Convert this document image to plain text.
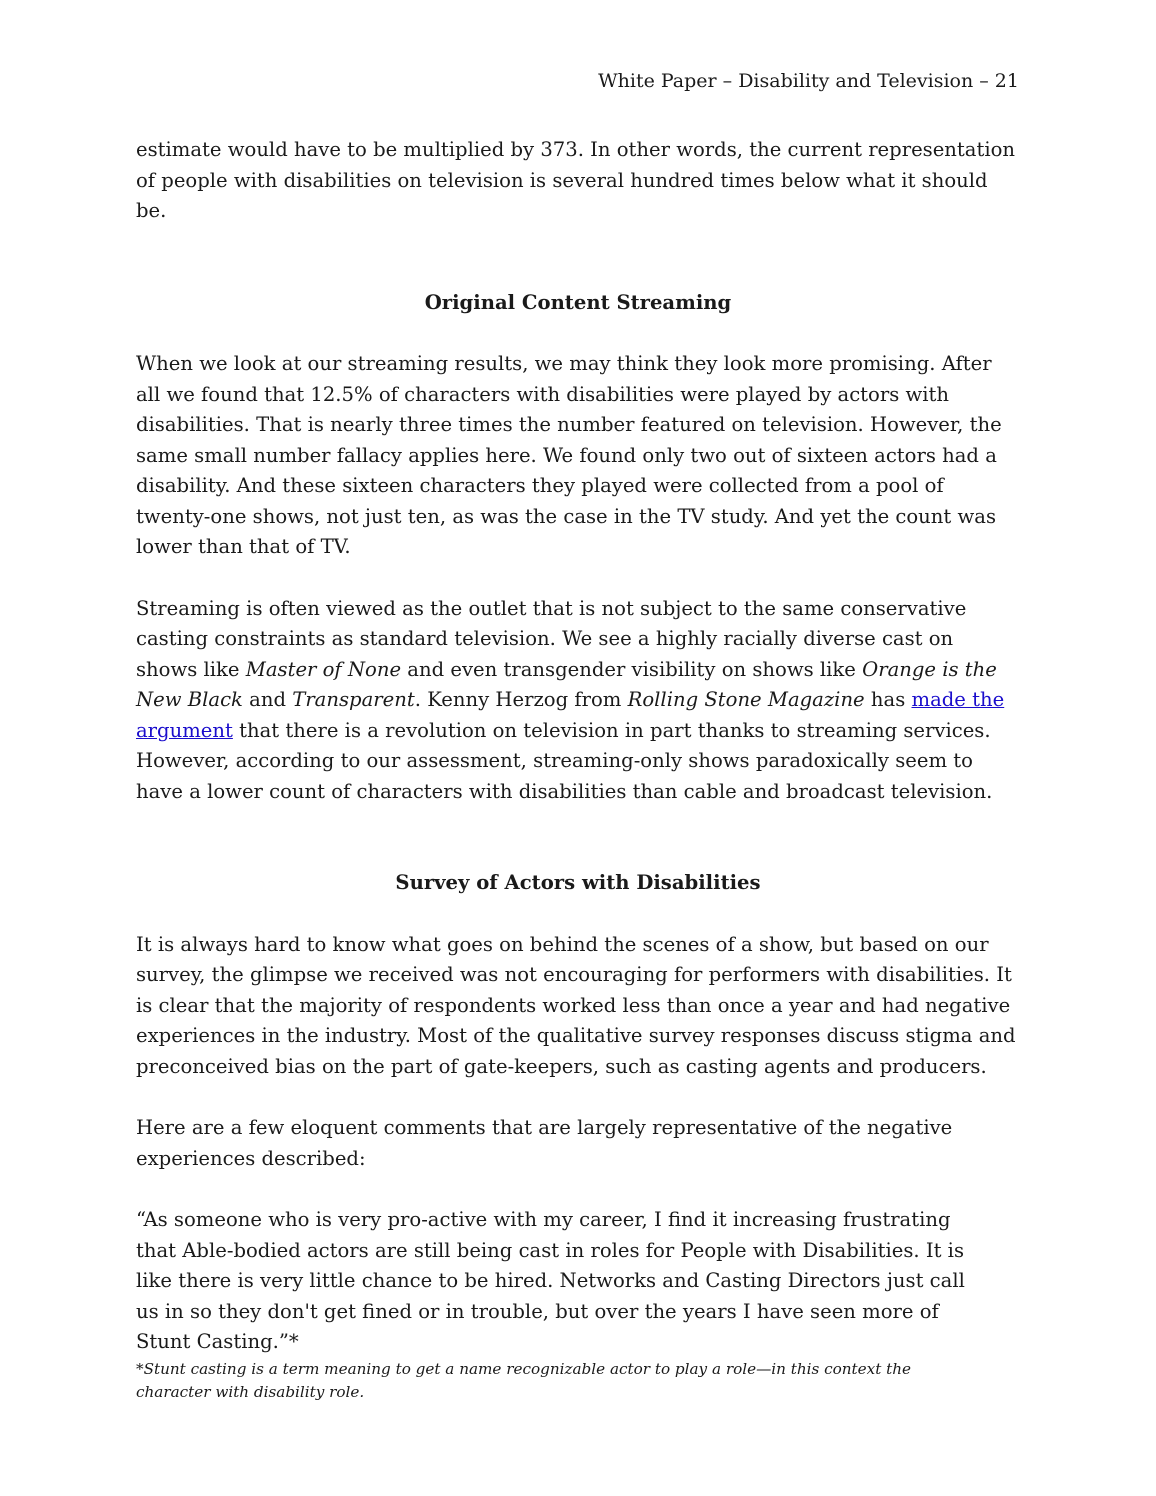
White Paper – Disability and Television – 21

estimate would have to be multiplied by 373. In other words, the current representation of people with disabilities on television is several hundred times below what it should be.

Original Content Streaming

When we look at our streaming results, we may think they look more promising. After all we found that 12.5% of characters with disabilities were played by actors with disabilities. That is nearly three times the number featured on television. However, the same small number fallacy applies here. We found only two out of sixteen actors had a disability. And these sixteen characters they played were collected from a pool of twenty-one shows, not just ten, as was the case in the TV study. And yet the count was lower than that of TV.

Streaming is often viewed as the outlet that is not subject to the same conservative casting constraints as standard television. We see a highly racially diverse cast on shows like Master of None and even transgender visibility on shows like Orange is the New Black and Transparent. Kenny Herzog from Rolling Stone Magazine has made the argument that there is a revolution on television in part thanks to streaming services. However, according to our assessment, streaming-only shows paradoxically seem to have a lower count of characters with disabilities than cable and broadcast television.

Survey of Actors with Disabilities

It is always hard to know what goes on behind the scenes of a show, but based on our survey, the glimpse we received was not encouraging for performers with disabilities. It is clear that the majority of respondents worked less than once a year and had negative experiences in the industry. Most of the qualitative survey responses discuss stigma and preconceived bias on the part of gate-keepers, such as casting agents and producers.

Here are a few eloquent comments that are largely representative of the negative experiences described:

“As someone who is very pro-active with my career, I find it increasing frustrating that Able-bodied actors are still being cast in roles for People with Disabilities. It is like there is very little chance to be hired. Networks and Casting Directors just call us in so they don't get fined or in trouble, but over the years I have seen more of Stunt Casting.”*

*Stunt casting is a term meaning to get a name recognizable actor to play a role—in this context the character with disability role.
